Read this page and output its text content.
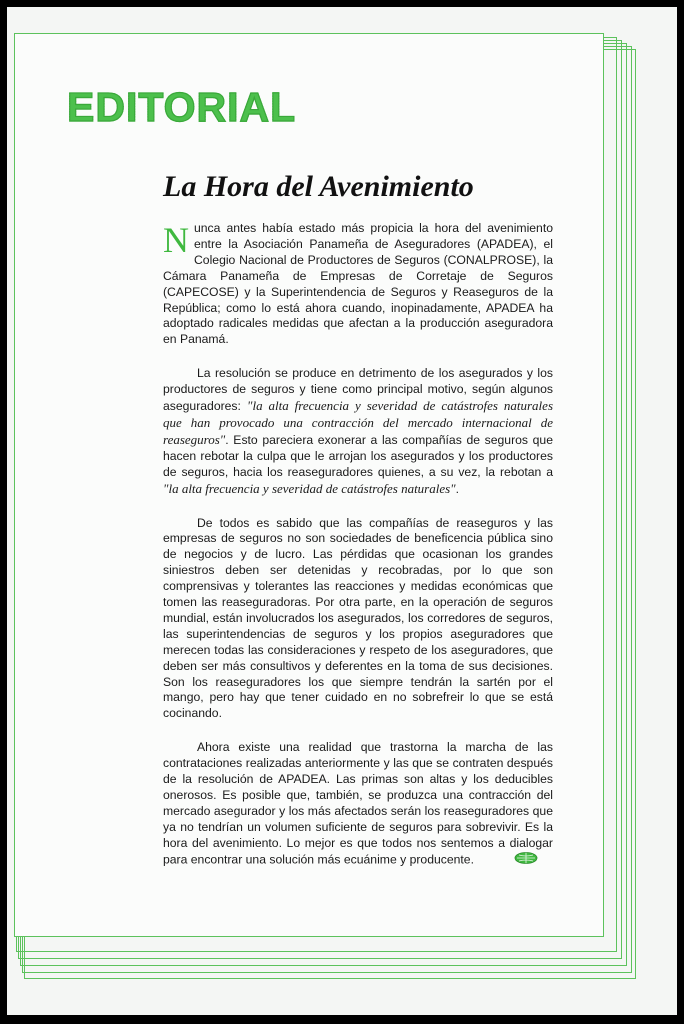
EDITORIAL
La Hora del Avenimiento

Nunca antes había estado más propicia la hora del avenimiento entre la Asociación Panameña de Aseguradores (APADEA), el Colegio Nacional de Productores de Seguros (CONALPROSE), la Cámara Panameña de Empresas de Corretaje de Seguros (CAPECOSE) y la Superintendencia de Seguros y Reaseguros de la República; como lo está ahora cuando, inopinadamente, APADEA ha adoptado radicales medidas que afectan a la producción aseguradora en Panamá.

La resolución se produce en detrimento de los asegurados y los productores de seguros y tiene como principal motivo, según algunos aseguradores: "la alta frecuencia y severidad de catástrofes naturales que han provocado una contracción del mercado internacional de reaseguros". Esto pareciera exonerar a las compañías de seguros que hacen rebotar la culpa que le arrojan los asegurados y los productores de seguros, hacia los reaseguradores quienes, a su vez, la rebotan a "la alta frecuencia y severidad de catástrofes naturales".

De todos es sabido que las compañías de reaseguros y las empresas de seguros no son sociedades de beneficencia pública sino de negocios y de lucro. Las pérdidas que ocasionan los grandes siniestros deben ser detenidas y recobradas, por lo que son comprensivas y tolerantes las reacciones y medidas económicas que tomen las reaseguradoras. Por otra parte, en la operación de seguros mundial, están involucrados los asegurados, los corredores de seguros, las superintendencias de seguros y los propios aseguradores que merecen todas las consideraciones y respeto de los aseguradores, que deben ser más consultivos y deferentes en la toma de sus decisiones. Son los reaseguradores los que siempre tendrán la sartén por el mango, pero hay que tener cuidado en no sobrefreir lo que se está cocinando.

Ahora existe una realidad que trastorna la marcha de las contrataciones realizadas anteriormente y las que se contraten después de la resolución de APADEA. Las primas son altas y los deducibles onerosos. Es posible que, también, se produzca una contracción del mercado asegurador y los más afectados serán los reaseguradores que ya no tendrían un volumen suficiente de seguros para sobrevivir. Es la hora del avenimiento. Lo mejor es que todos nos sentemos a dialogar para encontrar una solución más ecuánime y producente.
